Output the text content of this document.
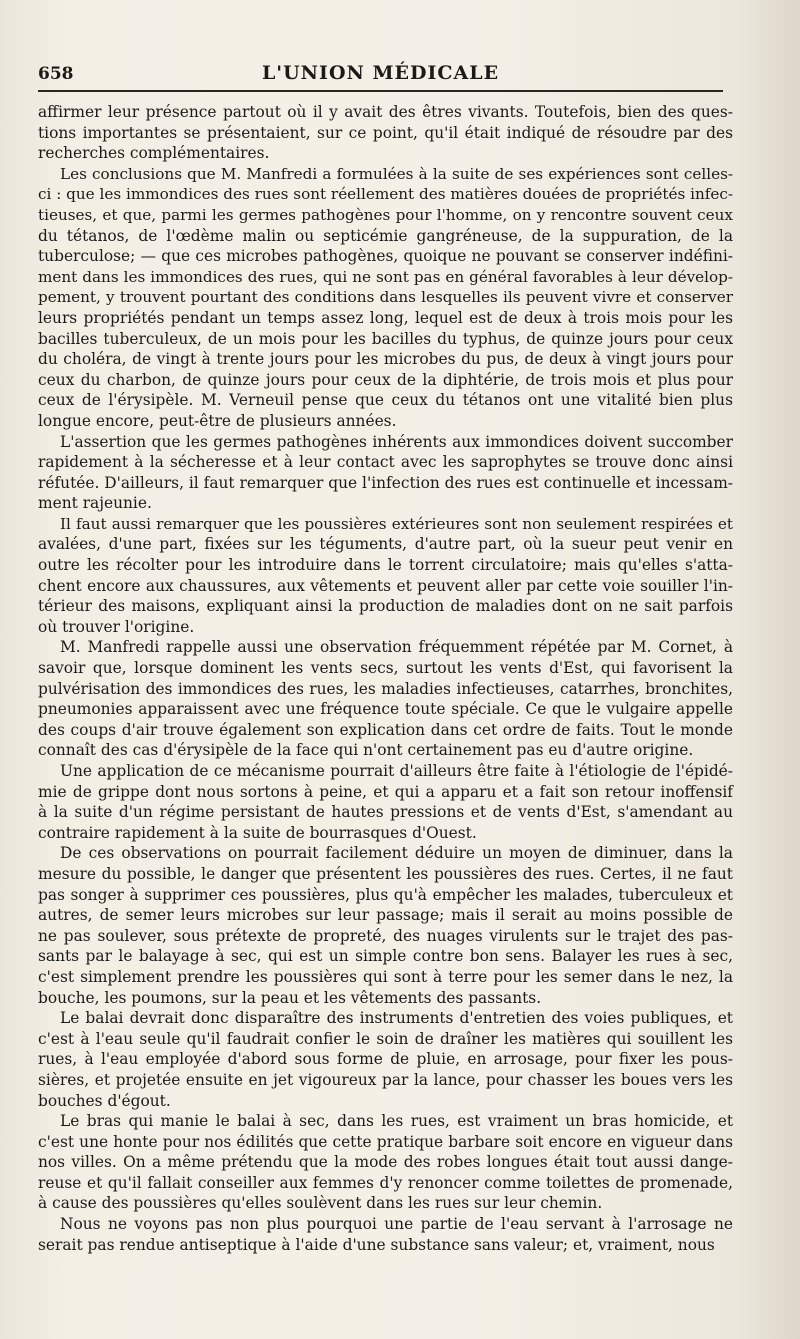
658	L'UNION MÉDICALE
affirmer leur présence partout où il y avait des êtres vivants. Toutefois, bien des ques-
tions importantes se présentaient, sur ce point, qu'il était indiqué de résoudre par des
recherches complémentaires.
Les conclusions que M. Manfredi a formulées à la suite de ses expériences sont celles-
ci : que les immondices des rues sont réellement des matières douées de propriétés infec-
tieuses, et que, parmi les germes pathogènes pour l'homme, on y rencontre souvent ceux
du tétanos, de l'œdème malin ou septicémie gangréneuse, de la suppuration, de la
tuberculose; — que ces microbes pathogènes, quoique ne pouvant se conserver indéfini-
ment dans les immondices des rues, qui ne sont pas en général favorables à leur dévelop-
pement, y trouvent pourtant des conditions dans lesquelles ils peuvent vivre et conserver
leurs propriétés pendant un temps assez long, lequel est de deux à trois mois pour les
bacilles tuberculeux, de un mois pour les bacilles du typhus, de quinze jours pour ceux
du choléra, de vingt à trente jours pour les microbes du pus, de deux à vingt jours pour
ceux du charbon, de quinze jours pour ceux de la diphtérie, de trois mois et plus pour
ceux de l'érysipèle. M. Verneuil pense que ceux du tétanos ont une vitalité bien plus
longue encore, peut-être de plusieurs années.
L'assertion que les germes pathogènes inhérents aux immondices doivent succomber
rapidement à la sécheresse et à leur contact avec les saprophytes se trouve donc ainsi
réfutée. D'ailleurs, il faut remarquer que l'infection des rues est continuelle et incessam-
ment rajeunie.
Il faut aussi remarquer que les poussières extérieures sont non seulement respirées et
avalées, d'une part, fixées sur les téguments, d'autre part, où la sueur peut venir en
outre les récolter pour les introduire dans le torrent circulatoire; mais qu'elles s'atta-
chent encore aux chaussures, aux vêtements et peuvent aller par cette voie souiller l'in-
térieur des maisons, expliquant ainsi la production de maladies dont on ne sait parfois
où trouver l'origine.
M. Manfredi rappelle aussi une observation fréquemment répétée par M. Cornet, à
savoir que, lorsque dominent les vents secs, surtout les vents d'Est, qui favorisent la
pulvérisation des immondices des rues, les maladies infectieuses, catarrhes, bronchites,
pneumonies apparaissent avec une fréquence toute spéciale. Ce que le vulgaire appelle
des coups d'air trouve également son explication dans cet ordre de faits. Tout le monde
connaît des cas d'érysipèle de la face qui n'ont certainement pas eu d'autre origine.
Une application de ce mécanisme pourrait d'ailleurs être faite à l'étiologie de l'épidé-
mie de grippe dont nous sortons à peine, et qui a apparu et a fait son retour inoffensif
à la suite d'un régime persistant de hautes pressions et de vents d'Est, s'amendant au
contraire rapidement à la suite de bourrasques d'Ouest.
De ces observations on pourrait facilement déduire un moyen de diminuer, dans la
mesure du possible, le danger que présentent les poussières des rues. Certes, il ne faut
pas songer à supprimer ces poussières, plus qu'à empêcher les malades, tuberculeux et
autres, de semer leurs microbes sur leur passage; mais il serait au moins possible de
ne pas soulever, sous prétexte de propreté, des nuages virulents sur le trajet des pas-
sants par le balayage à sec, qui est un simple contre bon sens. Balayer les rues à sec,
c'est simplement prendre les poussières qui sont à terre pour les semer dans le nez, la
bouche, les poumons, sur la peau et les vêtements des passants.
Le balai devrait donc disparaître des instruments d'entretien des voies publiques, et
c'est à l'eau seule qu'il faudrait confier le soin de draîner les matières qui souillent les
rues, à l'eau employée d'abord sous forme de pluie, en arrosage, pour fixer les pous-
sières, et projetée ensuite en jet vigoureux par la lance, pour chasser les boues vers les
bouches d'égout.
Le bras qui manie le balai à sec, dans les rues, est vraiment un bras homicide, et
c'est une honte pour nos édilités que cette pratique barbare soit encore en vigueur dans
nos villes. On a même prétendu que la mode des robes longues était tout aussi dange-
reuse et qu'il fallait conseiller aux femmes d'y renoncer comme toilettes de promenade,
à cause des poussières qu'elles soulèvent dans les rues sur leur chemin.
Nous ne voyons pas non plus pourquoi une partie de l'eau servant à l'arrosage ne
serait pas rendue antiseptique à l'aide d'une substance sans valeur; et, vraiment, nous
